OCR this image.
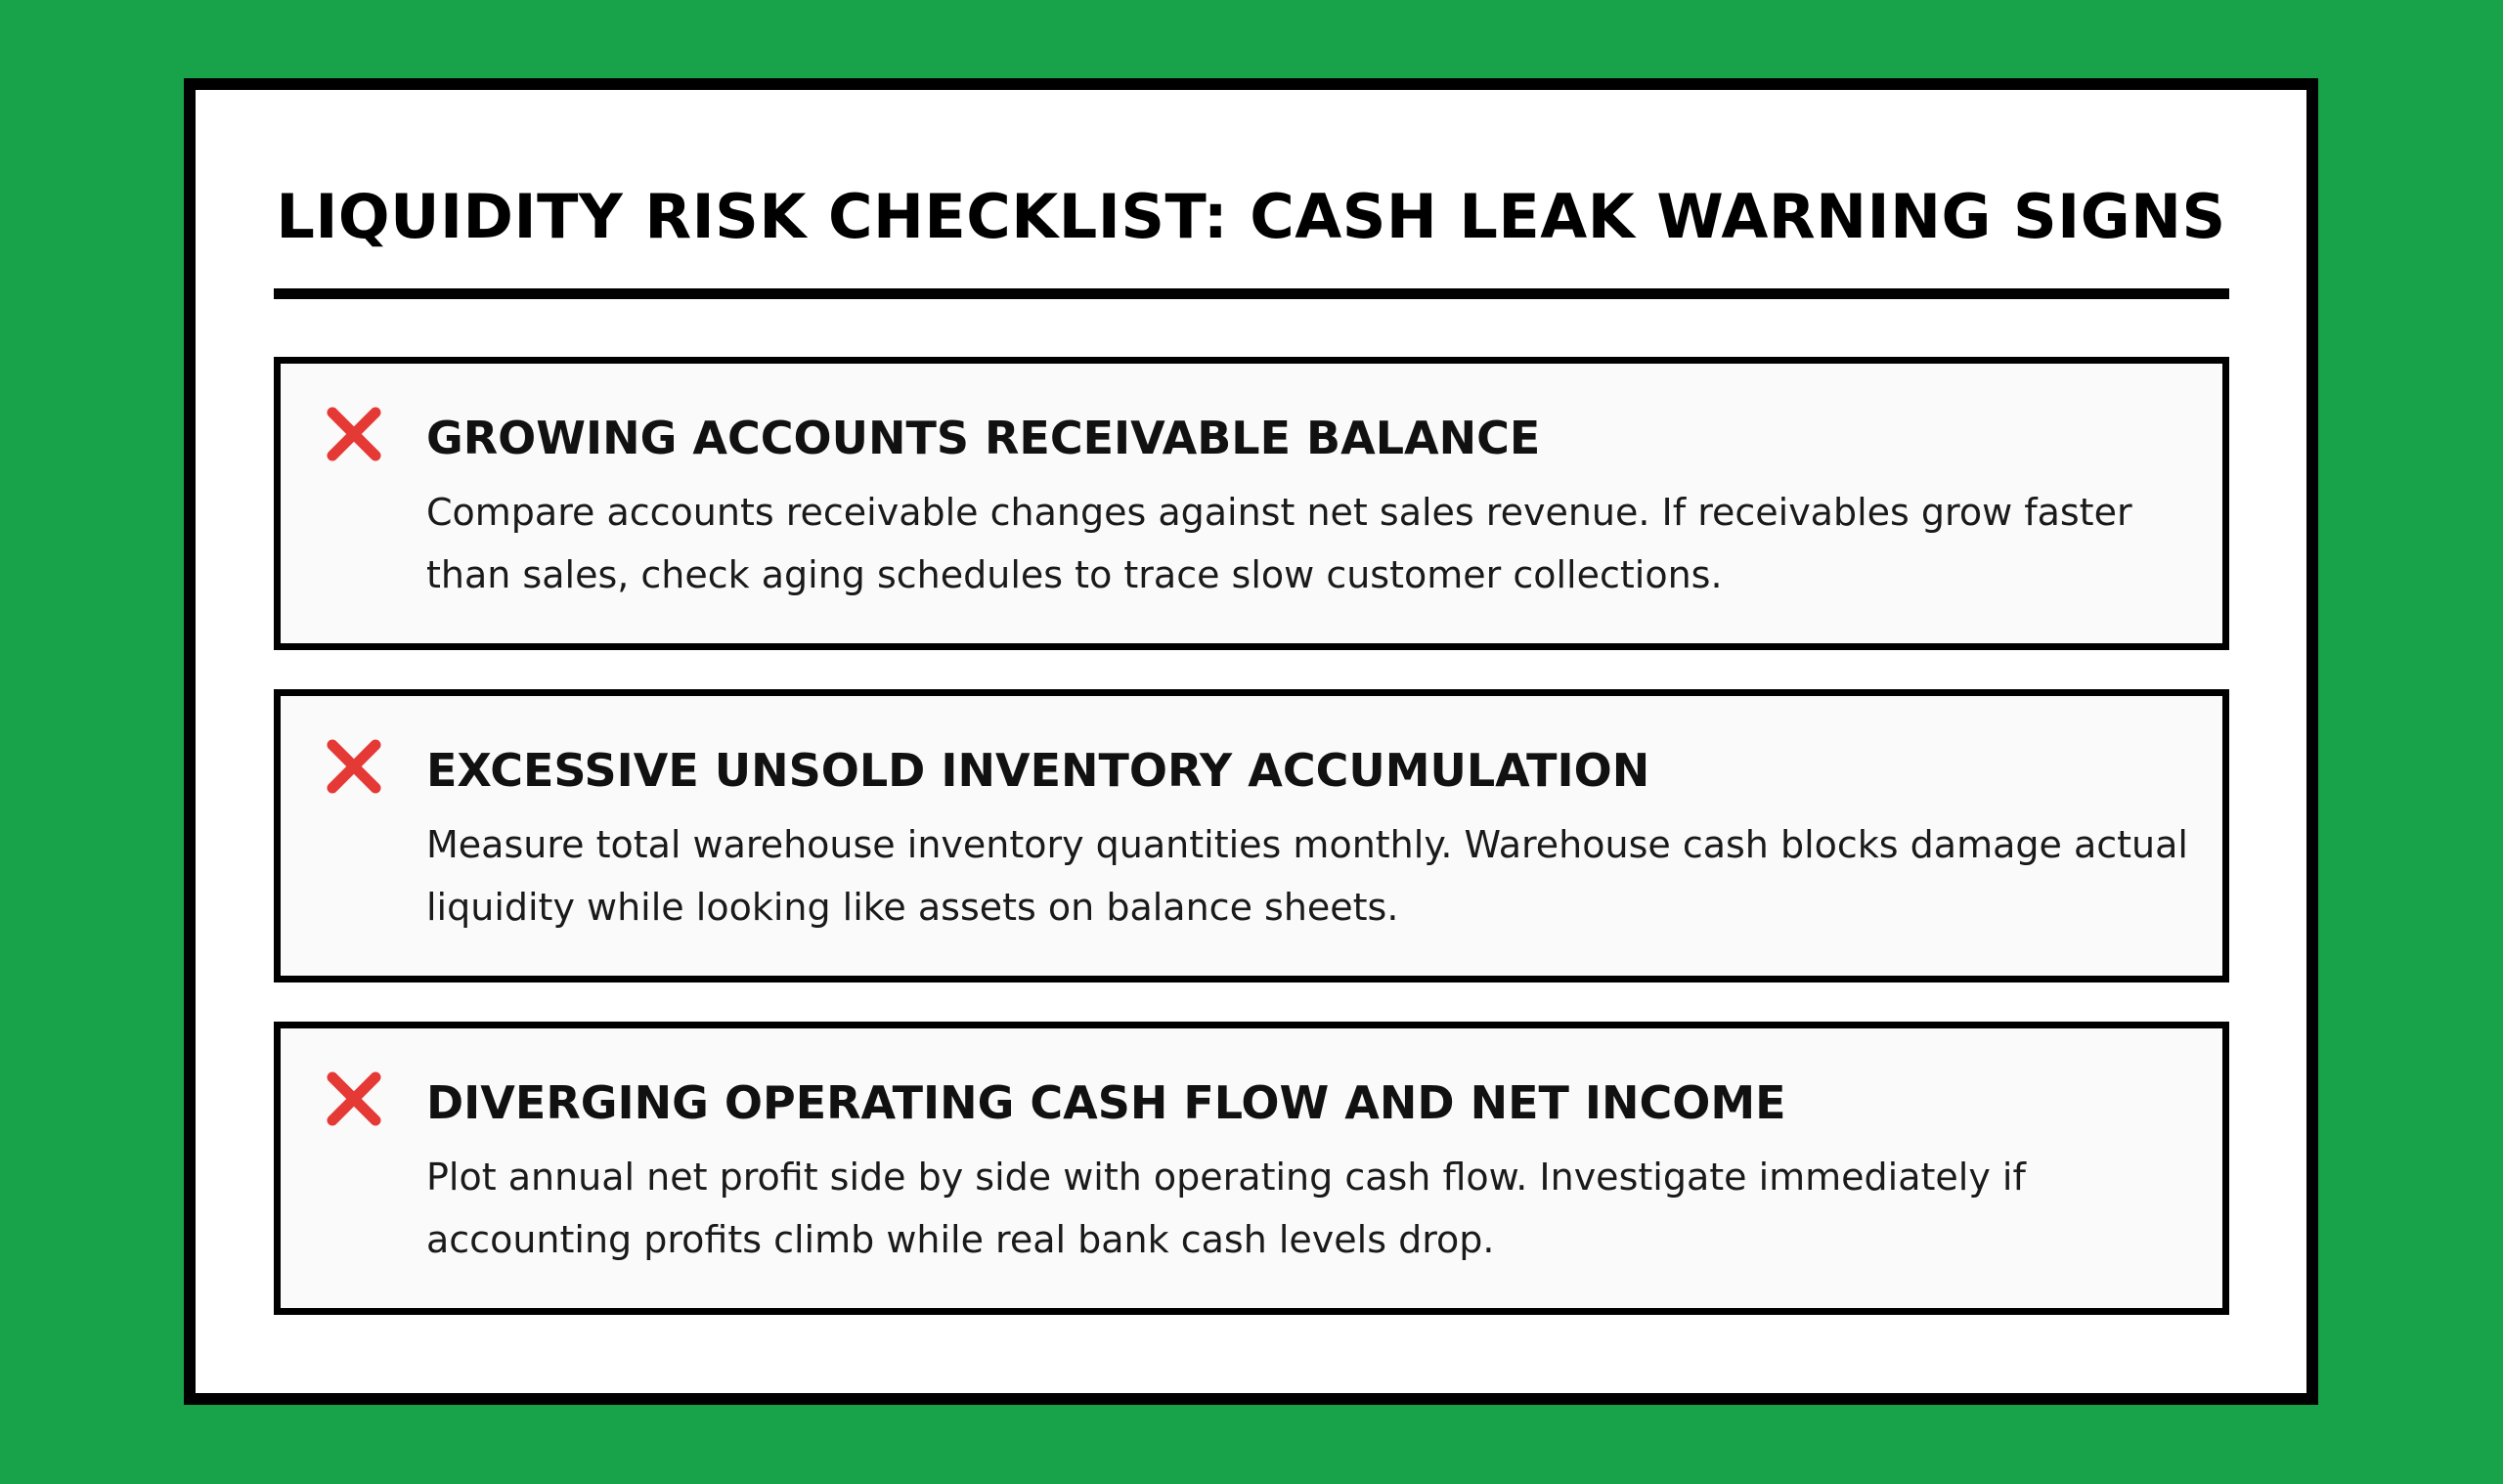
LIQUIDITY RISK CHECKLIST: CASH LEAK WARNING SIGNS
GROWING ACCOUNTS RECEIVABLE BALANCE

Compare accounts receivable changes against net sales revenue. If receivables grow faster than sales, check aging schedules to trace slow customer collections.

EXCESSIVE UNSOLD INVENTORY ACCUMULATION

Measure total warehouse inventory quantities monthly. Warehouse cash blocks damage actual liquidity while looking like assets on balance sheets.

DIVERGING OPERATING CASH FLOW AND NET INCOME

Plot annual net profit side by side with operating cash flow. Investigate immediately if accounting profits climb while real bank cash levels drop.
